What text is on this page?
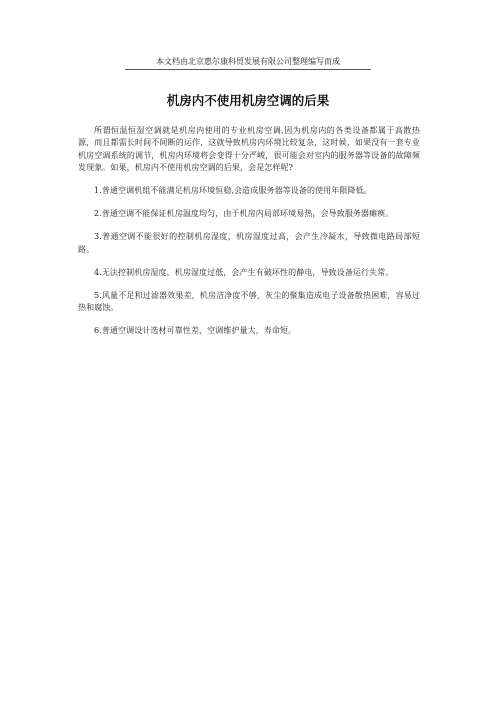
本文档由北京惠尔康科贸发展有限公司整理编写而成
机房内不使用机房空调的后果

所谓恒温恒湿空调就是机房内使用的专业机房空调,因为机房内的各类设备都属于高散热源，而且都需长时间不间断的运作，这就导致机房内环境比较复杂，这时候，如果没有一套专业机房空调系统的调节，机房内环境将会变得十分严峻，很可能会对室内的服务器等设备的故障频发现象。如果，机房内不使用机房空调的后果，会是怎样呢?

1.普通空调机组不能满足机房环境恒稳,会造成服务器等设备的使用年限降低。

2.普通空调不能保证机房温度均匀，由于机房内局部环境易热，会导致服务器瘫痪。

3.普通空调不能很好的控制机房湿度，机房湿度过高，会产生冷凝水，导致微电路局部短路。

4.无法控制机房湿度，机房湿度过低，会产生有破坏性的静电，导致设备运行失常。

5.风量不足和过滤器效果差，机房洁净度不够，灰尘的聚集造成电子设备散热困难，容易过热和腐蚀。

6.普通空调设计选材可靠性差，空调维护量大，寿命短。
